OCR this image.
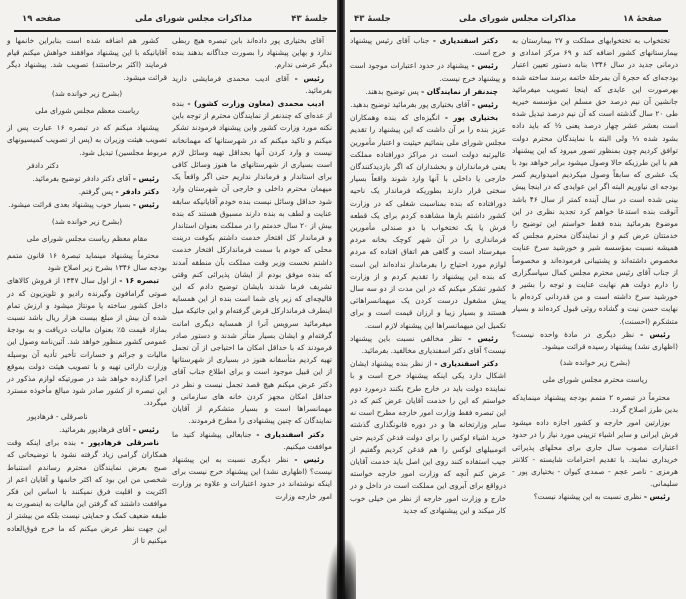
صفحه ۱۹	مذاکرات مجلس شورای ملی	جلسهٔ ۴۳

آقای بختیاری پور داده‌اند باین تبصره هیچ ربطی ندارد و بهاین پیشنهاد را بصورت جداگانه بدهند بنده دیگر عرضی ندارم.

رئیس - آقای ادیب محمدی فرمایشی دارید بفرمائید.

ادیب محمدی (معاون وزارت کشور) - بنده از عده‌ای که چندنفر از نمایندگان محترم از توجه باین نکته مورد وزارت کشور واین پیشنهاد فرمودند تشکر میکنم و تاکید میکنم که در شهرستانها که مهمانخانه نیست و وارد کردن آنها بحداقل تهیه وسائل لازم است بسیاری از شهرستانهای ما هنوز وسائل کافی برای استاندار و فرماندار نداریم حتی اگر واقعاً یک میهمان محترم داخلی و خارجی آن شهرستان وارد شود حداقل وسائل نیست بنده خودم آقایانیکه سابقه عنایت و لطف به بنده دارند مسبوق هستند که بنده بیش از ۲۰ سال خدمتم را در مملکت بعنوان استاندار و فرماندار کل افتخار خدمت داشتم بکوفت درینت محلی که خودم با سمت فرماندارکل افتخار خدمت داشتم نخست وزیر وقت مملکت بآن منطقه آمدند که بنده موفق بودم از ایشان پذیرائی کنم وقتی تشریف فرما شدند بایشان توضیح دادم که این قالیچه‌ای که زیر پای شما است بنده از این همسایه اینطرف فرماندارکل قرض گرفته‌ام و این جائیکه میل میفرمائید سرویس آنرا از همسایه دیگری امانت گرفته‌ام و ایشان بسیار متأثر شدند و دستور صادر فرمودند که با حداقل امکان ما احتیاجی از آن تجمل تهیه کردیم متأسفانه هنوز در بسیاری از شهرستانها از این قبیل موجود است و برای اطلاع جناب آقای دکتر عرض میکنم هیچ قصد تجمل نیست و نظر در حداقل امکان مجهز کردن خانه های سازمانی و مهمانسراها است و بسیار متشکرم از آقایان نمایندگان که چنین پیشنهادی را مطرح فرمودند.

دکتر اسفندیاری - جنابعالی پیشنهاد کنید ما موافقت میکنیم.

رئیس - نظر دیگری نسبت به این پیشنهاد نیست؟ (اظهاری نشد) این پیشنهاد خرج نیست برای اینکه نوشته‌اند در حدود اعتبارات و علاوه بر وزارت امور خارجه وزارت

کشور هم اضافه شده است بنابراین خانمها و آقایانیکه با این پیشنهاد موافقند خواهش میکنم قیام فرمایند (اکثر برخاستند) تصویب شد. پیشنهاد دیگر قرائت میشود.

(بشرح زیر خوانده شد)

ریاست معظم مجلس شورای ملی

پیشنهاد میکنم که در تبصره ۱۶ عبارت پس از تصویب هیئت وزیران به (پس از تصویب کمیسیونهای مربوط مجلسین) تبدیل شود.

دکتر دادفر

رئیس - آقای دکتر دادفر توضیح بفرمائید.

دکتر دادفر - پس گرفتم.

رئیس - بسیار خوب پیشنهاد بعدی قرائت میشود.

(بشرح زیر خوانده شد)

مقام معظم ریاست مجلس شورای ملی

محترماً پیشنهاد مینماید تبصرهٔ ۱۶ قانون متمم بودجه سال ۱۳۴۶ بشرح زیر اصلاح شود

تبصره ۱۶ - از اول سال ۱۳۴۷ از فروش کالاهای صوتی گرامافون وگیرنده رادیو و تلویزیون که در داخل کشور ساخته یا مونتاژ میشود و ارزش تمام شده آن بیش از مبلغ بیست هزار ریال باشد نسبت بمازاد قیمت ۵٪ بعنوان مالیات دریافت و به بودجهٔ عمومی کشور منظور خواهد شد. آئین‌نامه وصول این مالیات و جرائم و خسارات تأخیر تأدیه آن بوسیله وزارت دارائی تهیه و با تصویب هیئت دولت بموقع اجرا گذارده خواهد شد در صورتیکه لوازم مذکور در این تبصره از کشور صادر شود مبالغ مأخوذه مسترد میگردد.

ناصرقلی - فرهادپور

رئیس - آقای فرهادپور بفرمائید.

ناصرقلی فرهادپور - بنده برای اینکه وقت همکاران گرامی زیاد گرفته نشود با توضیحاتی که صبح بعرض نمایندگان محترم رساندم استنباط شخصی من این بود که اکثر خانمها و آقایان اعم از اکثریت و اقلیت فرق نمیکنند با اساس این فکر موافقت داشتند که گرفتن این مالیات به اینصورت به طبقه ضعیف کمک و حمایتی نیست بلکه من بیشتر از این جهت نظر عرض میکنم که ما خرج فوق‌العاده میکنیم تا از

جلسهٔ ۴۳	مذاکرات مجلس شورای ملی	صفحهٔ ۱۸

تختخواب به تختخوابهای مملکت و ۲۷ بیمارستان به بیمارستانهای کشور اضافه کند و ۶۹ مرکز امدادی و درمانی جدید در سال ۱۳۴۶ بنابه دستور تعیین اعتبار بودجه‌ای که حجرهٔ آن بمرحلهٔ خاتمه برسد ساخته شده بهرصورت این عایدی که اینجا تصویب میفرمائید جانشین آن نیم درصد حق مسلم این مؤسسه خیریه طی ۲۰ سال گذشته است که آن نیم درصد تبدیل شده است بعشر عشر چهار درصد یعنی ½ که باید داده بشود شده ⅓ ولی البته با نمایندگان محترم دولت توافق کردیم چون بمنظور تصور میرود که این پیشنهاد هم با این طرزیکه حالا وصول میشود برابر خواهد بود با یک عشری که سابقاً وصول میکردیم امیدواریم کسر بودجه ای نیاوریم البته اگر این عوایدی که در اینجا پیش بینی شده است در سال آینده کمتر از سال ۴۶ باشد آنوقت بنده استدعا خواهم کرد تجدید نظری در این موضوع بفرمائید بنده فقط خواستم این توضیح را خدمتتان عرض کنم و از نمایندگان محترم مجلس که همیشه نسبت بمؤسسه شیر و خورشید سرخ عنایت مخصوص داشته‌اند و پشتیبانی فرموده‌اند و مخصوصاً از جناب آقای رئیس محترم مجلس کمال سپاسگزاری را دارم دولت هم نهایت عنایت و توجه را بشیر و خورشید سرخ داشته است و من قدردانی کرده‌ام با نهایت حسن نیت و گشاده روئی قبول کرده‌اند و بسیار متشکرم (احسنت).

رئیس - نظر دیگری در مادهٔ واحده نیست؟ (اظهاری نشد) پیشنهاد رسیده قرائت میشود.

(بشرح زیر خوانده شد)

ریاست محترم مجلس شورای ملی

محترماً در تبصره ۲ متمم بودجه پیشنهاد مینمایدکه بدین طرز اصلاح گردد.

بوزارتین امور خارجه و کشور اجازه داده میشود فرش ایرانی و سایر اشیاء تزیینی مورد نیاز را در حدود اعتبارات مصوب سال جاری برای محلهای پذیرائی خریداری نمایند. با تقدیم احترامات شایسته - کلانتر هرمزی - ناصر عجم - صمدی کیوان - بختیاری پور - سلیمانی.

رئیس - نظری نسبت به این پیشنهاد نیست؟

دکتر اسفندیاری - جناب آقای رئیس پیشنهاد خرج است.

رئیس - پیشنهاد در حدود اعتبارات موجود است و پیشنهاد خرج نیست.

چندنفر از نمایندگان - پس توضیح بدهند.

رئیس - آقای بختیاری پور بفرمائید توضیح بدهید.

بختیاری پور - انگیزه‌ای که بنده وهمکاران عزیز بنده را بر آن داشت که این پیشنهاد را تقدیم مجلس شورای ملی بنمائیم حیثیت و اعتبار مأمورین عالیرتبه دولت است در مراکز دورافتاده مملکت یعنی فرمانداران و بخشداران که اگر بازدیدکنندگان خارجی یا داخلی با آنها وارد شوند واقعاً بسیار سختی قرار دارند بطوریکه فرماندار یک ناحیه دورافتاده که بنده بمناسبت شغلی که در وزارت کشور داشتم بارها مشاهده کردم برای یک قطعه فرش یا یک تختخواب یا دو صندلی مأمورین فرمانداری را در آن شهر کوچک بخانه مردم میفرستاد است و گاهی هم اتفاق افتاده که مردم لوازم مورد احتیاج را بفرماندار نداده‌اند این است که بنده این پیشنهاد را تقدیم کردم و از وزارت کشور تشکر میکنم که در این مدت از دو سه سال پیش مشغول درست کردن یک میهمانسراهائی هستند و بسیار زیبا و ارزان قیمت است و برای تکمیل این میهمانسراها این پیشنهاد لازم است.

رئیس - نظر مخالفی نسبت باین پیشنهاد نیست؟ آقای دکتر اسفندیاری مخالفید. بفرمائید.

دکتر اسفندیاری - از نظر بنده پیشنهاد ایشان اشکال دارد یکی اینکه پیشنهاد خرج است و با نماینده دولت باید در خارج طرح بکنند درمورد دوم خواستم که این را خدمت آقایان عرض کنم که در این تبصره فقط وزارت امور خارجه مطرح است نه سایر وزارتخانه ها و در دوره قانونگذاری گذشته خرید اشیاء لوکس را برای دولت قدغن کردیم حتی اتومبیلهای لوکس را هم قدغن کردیم وگفتیم از جیب استفاده کنند روی این اصل باید خدمت آقایان عرض کنم آنچه که وزارت امور خارجه خواسته درواقع برای آبروی این مملکت است در داخل و در خارج و وزارت امور خارجه از نظر من خیلی خوب کار میکند و این پیشنهادی که جدید
